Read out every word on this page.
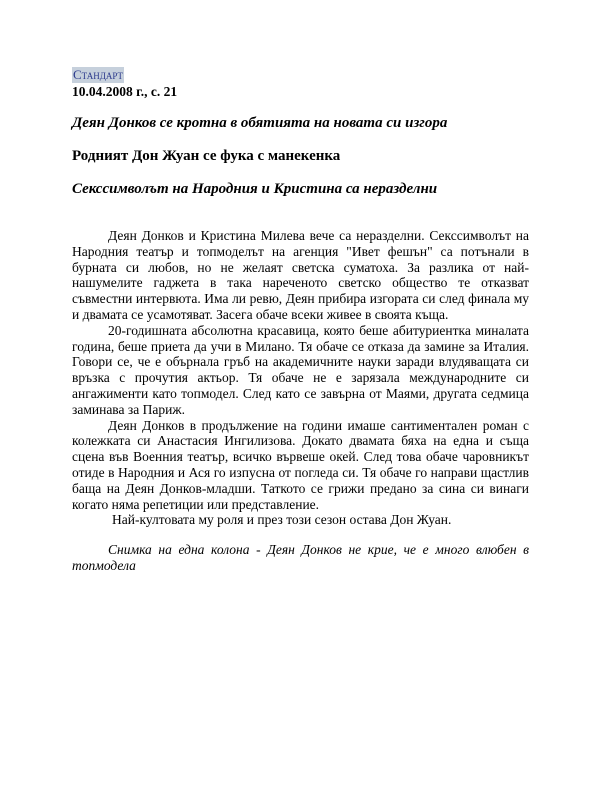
Стандарт
10.04.2008 г., с. 21
Деян Донков се кротна в обятията на новата си изгора
Родният Дон Жуан се фука с манекенка
Секссимволът на Народния и Кристина са неразделни

Деян Донков и Кристина Милева вече са неразделни. Секссимволът на Народния театър и топмоделът на агенция "Ивет фешън" са потънали в бурната си любов, но не желаят светска суматоха. За разлика от най-нашумелите гаджета в така нареченото светско общество те отказват съвместни интервюта. Има ли ревю, Деян прибира изгората си след финала му и двамата се усамотяват. Засега обаче всеки живее в своята къща.

20-годишната абсолютна красавица, която беше абитуриентка миналата година, беше приета да учи в Милано. Тя обаче се отказа да замине за Италия. Говори се, че е обърнала гръб на академичните науки заради влудяващата си връзка с прочутия актьор. Тя обаче не е зарязала международните си ангажименти като топмодел. След като се завърна от Маями, другата седмица заминава за Париж.

Деян Донков в продължение на години имаше сантиментален роман с колежката си Анастасия Ингилизова. Докато двамата бяха на една и съща сцена във Военния театър, всичко вървеше окей. След това обаче чаровникът отиде в Народния и Ася го изпусна от погледа си. Тя обаче го направи щастлив баща на Деян Донков-младши. Таткото се грижи предано за сина си винаги когато няма репетиции или представление.

Най-култовата му роля и през този сезон остава Дон Жуан.

Снимка на една колона - Деян Донков не крие, че е много влюбен в топмодела
